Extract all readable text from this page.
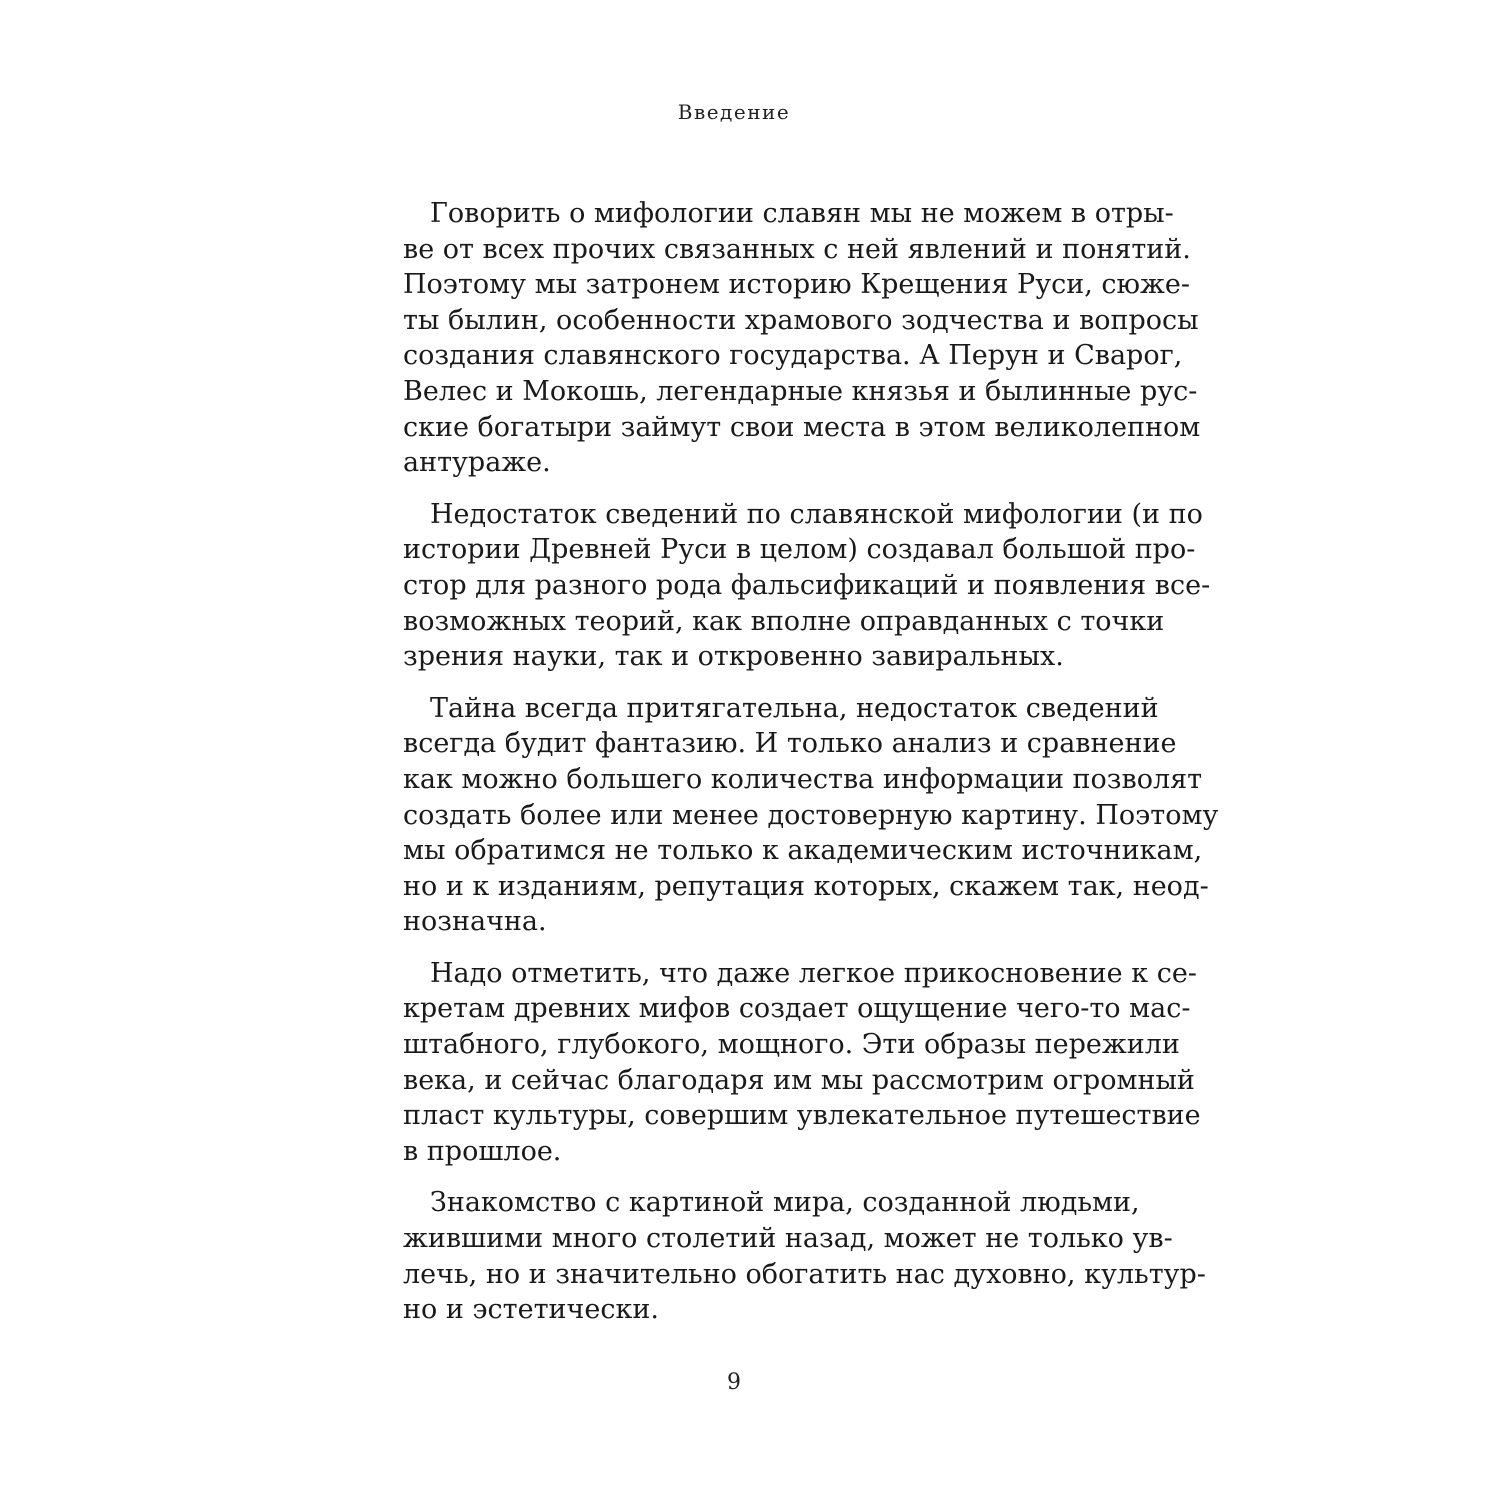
Введение

Говорить о мифологии славян мы не можем в отры-
ве от всех прочих связанных с ней явлений и понятий.
Поэтому мы затронем историю Крещения Руси, сюже-
ты былин, особенности храмового зодчества и вопросы
создания славянского государства. А Перун и Сварог,
Велес и Мокошь, легендарные князья и былинные рус-
ские богатыри займут свои места в этом великолепном
антураже.

Недостаток сведений по славянской мифологии (и по
истории Древней Руси в целом) создавал большой про-
стор для разного рода фальсификаций и появления все-
возможных теорий, как вполне оправданных с точки
зрения науки, так и откровенно завиральных.

Тайна всегда притягательна, недостаток сведений
всегда будит фантазию. И только анализ и сравнение
как можно большего количества информации позволят
создать более или менее достоверную картину. Поэтому
мы обратимся не только к академическим источникам,
но и к изданиям, репутация которых, скажем так, неод-
нозначна.

Надо отметить, что даже легкое прикосновение к се-
кретам древних мифов создает ощущение чего-то мас-
штабного, глубокого, мощного. Эти образы пережили
века, и сейчас благодаря им мы рассмотрим огромный
пласт культуры, совершим увлекательное путешествие
в прошлое.

Знакомство с картиной мира, созданной людьми,
жившими много столетий назад, может не только ув-
лечь, но и значительно обогатить нас духовно, культур-
но и эстетически.

9
